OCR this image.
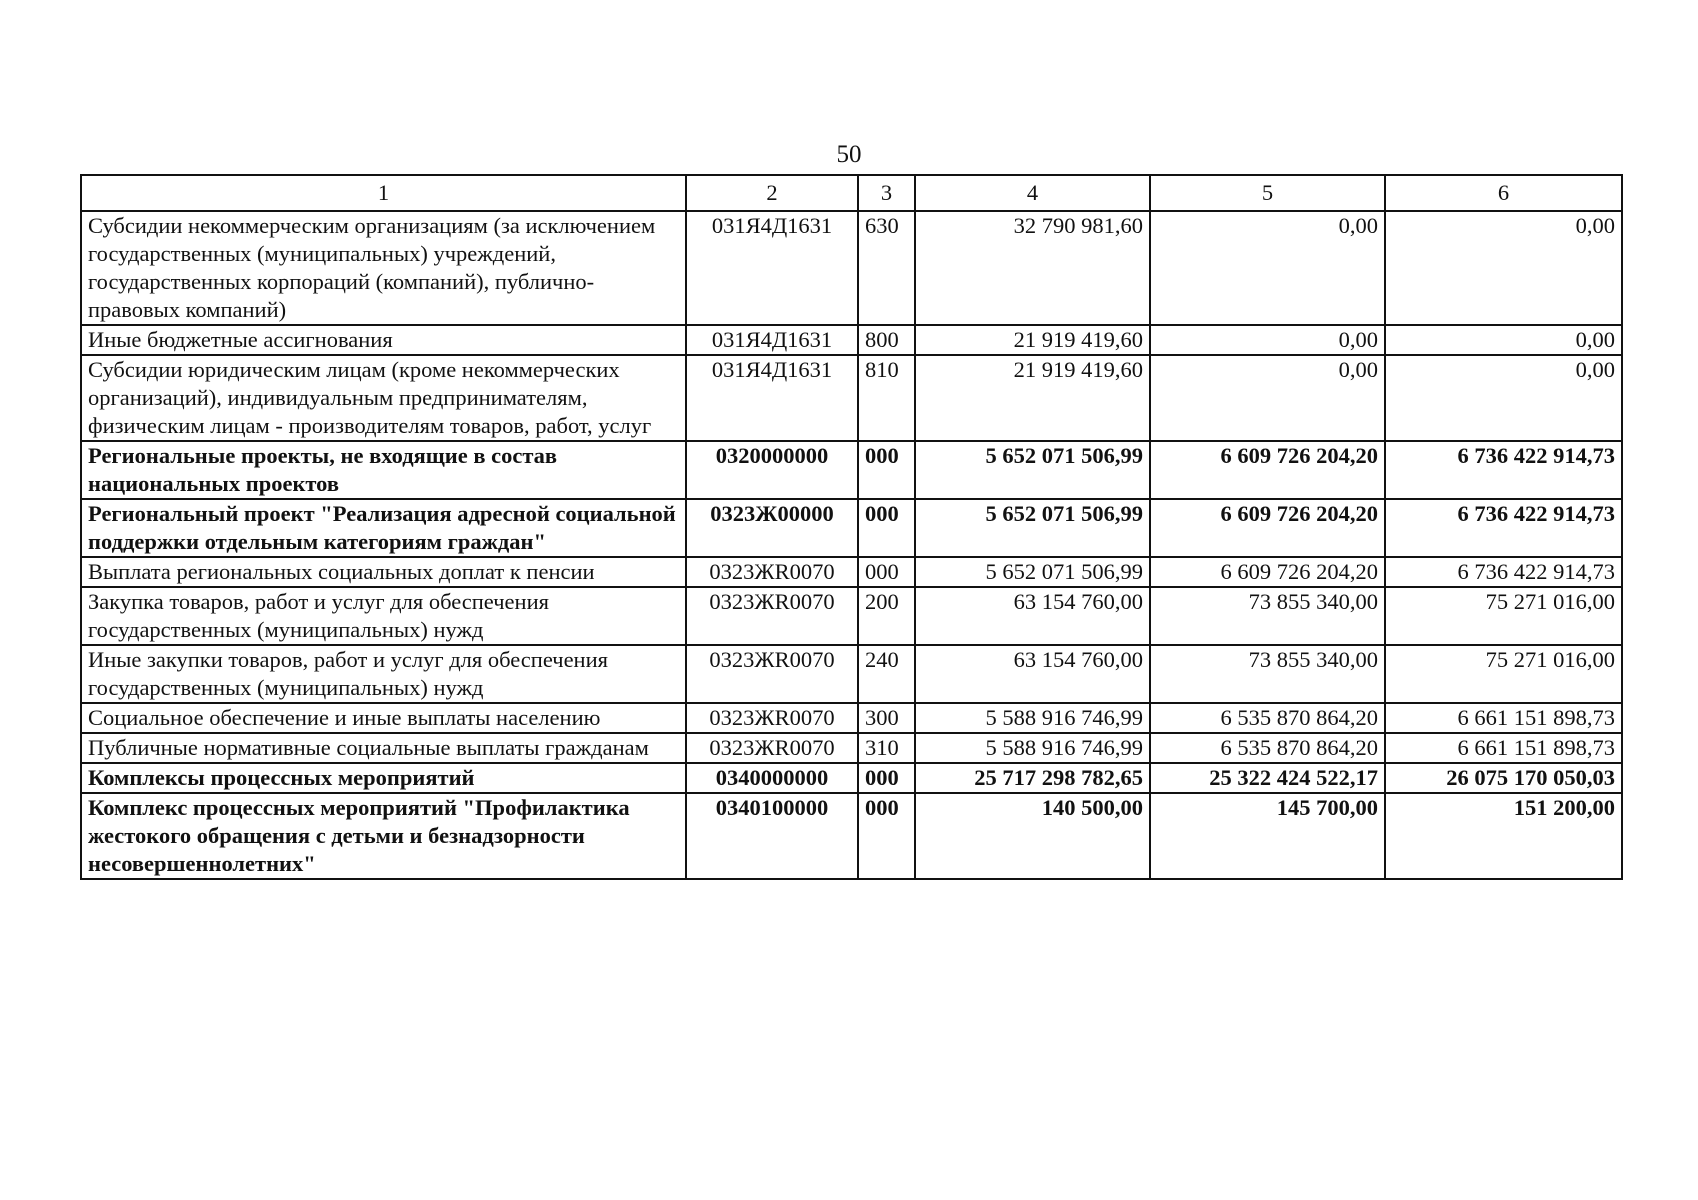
50
1	2	3	4	5	6
Субсидии некоммерческим организациям (за исключением государственных (муниципальных) учреждений, государственных корпораций (компаний), публично-правовых компаний)	031Я4Д1631	630	32 790 981,60	0,00	0,00
Иные бюджетные ассигнования	031Я4Д1631	800	21 919 419,60	0,00	0,00
Субсидии юридическим лицам (кроме некоммерческих организаций), индивидуальным предпринимателям, физическим лицам - производителям товаров, работ, услуг	031Я4Д1631	810	21 919 419,60	0,00	0,00
Региональные проекты, не входящие в состав национальных проектов	0320000000	000	5 652 071 506,99	6 609 726 204,20	6 736 422 914,73
Региональный проект "Реализация адресной социальной поддержки отдельным категориям граждан"	0323Ж00000	000	5 652 071 506,99	6 609 726 204,20	6 736 422 914,73
Выплата региональных социальных доплат к пенсии	0323ЖR0070	000	5 652 071 506,99	6 609 726 204,20	6 736 422 914,73
Закупка товаров, работ и услуг для обеспечения государственных (муниципальных) нужд	0323ЖR0070	200	63 154 760,00	73 855 340,00	75 271 016,00
Иные закупки товаров, работ и услуг для обеспечения государственных (муниципальных) нужд	0323ЖR0070	240	63 154 760,00	73 855 340,00	75 271 016,00
Социальное обеспечение и иные выплаты населению	0323ЖR0070	300	5 588 916 746,99	6 535 870 864,20	6 661 151 898,73
Публичные нормативные социальные выплаты гражданам	0323ЖR0070	310	5 588 916 746,99	6 535 870 864,20	6 661 151 898,73
Комплексы процессных мероприятий	0340000000	000	25 717 298 782,65	25 322 424 522,17	26 075 170 050,03
Комплекс процессных мероприятий "Профилактика жестокого обращения с детьми и безнадзорности несовершеннолетних"	0340100000	000	140 500,00	145 700,00	151 200,00
